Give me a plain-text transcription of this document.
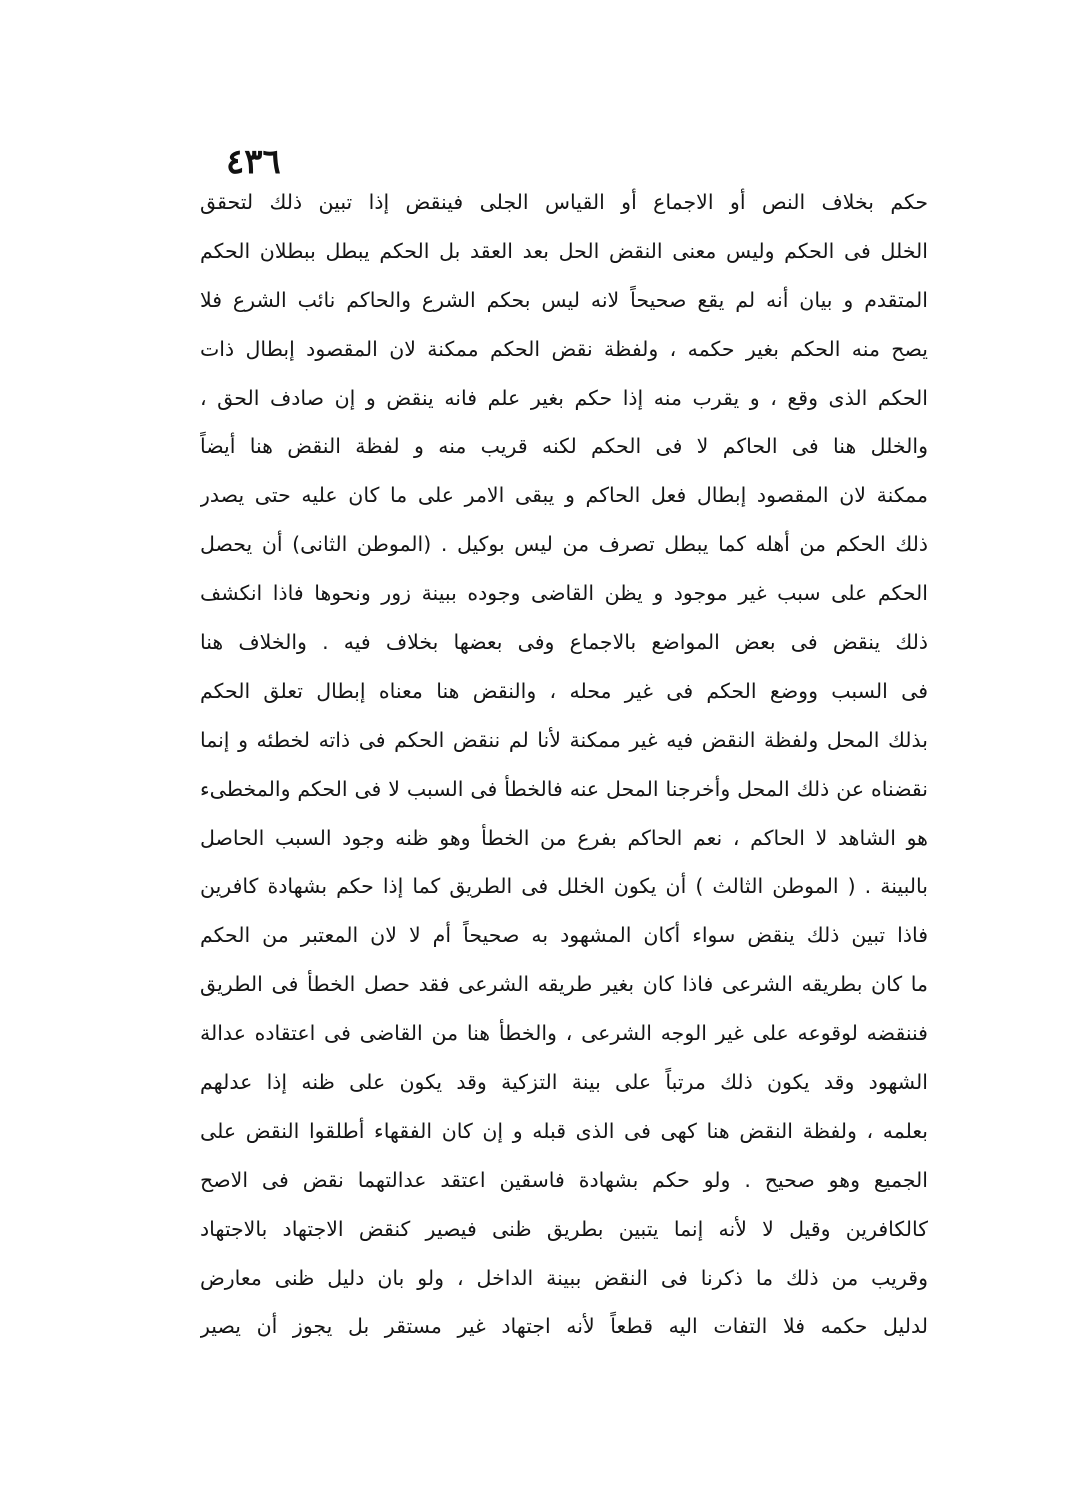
٤٣٦
حكم بخلاف النص أو الاجماع أو القياس الجلى فينقض إذا تبين ذلك لتحقق
الخلل فى الحكم وليس معنى النقض الحل بعد العقد بل الحكم يبطل ببطلان الحكم
المتقدم و بيان أنه لم يقع صحيحاً لانه ليس بحكم الشرع والحاكم نائب الشرع فلا
يصح منه الحكم بغير حكمه ، ولفظة نقض الحكم ممكنة لان المقصود إبطال ذات
الحكم الذى وقع ، و يقرب منه إذا حكم بغير علم فانه ينقض و إن صادف الحق ،
والخلل هنا فى الحاكم لا فى الحكم لكنه قريب منه و لفظة النقض هنا أيضاً
ممكنة لان المقصود إبطال فعل الحاكم و يبقى الامر على ما كان عليه حتى يصدر
ذلك الحكم من أهله كما يبطل تصرف من ليس بوكيل . (الموطن الثانى) أن يحصل
الحكم على سبب غير موجود و يظن القاضى وجوده ببينة زور ونحوها فاذا انكشف
ذلك ينقض فى بعض المواضع بالاجماع وفى بعضها بخلاف فيه . والخلاف هنا
فى السبب ووضع الحكم فى غير محله ، والنقض هنا معناه إبطال تعلق الحكم
بذلك المحل ولفظة النقض فيه غير ممكنة لأنا لم ننقض الحكم فى ذاته لخطئه و إنما
نقضناه عن ذلك المحل وأخرجنا المحل عنه فالخطأ فى السبب لا فى الحكم والمخطىء
هو الشاهد لا الحاكم ، نعم الحاكم بفرع من الخطأ وهو ظنه وجود السبب الحاصل
بالبينة . ( الموطن الثالث ) أن يكون الخلل فى الطريق كما إذا حكم بشهادة كافرين
فاذا تبين ذلك ينقض سواء أكان المشهود به صحيحاً أم لا لان المعتبر من الحكم
ما كان بطريقه الشرعى فاذا كان بغير طريقه الشرعى فقد حصل الخطأ فى الطريق
فننقضه لوقوعه على غير الوجه الشرعى ، والخطأ هنا من القاضى فى اعتقاده عدالة
الشهود وقد يكون ذلك مرتباً على بينة التزكية وقد يكون على ظنه إذا عدلهم
بعلمه ، ولفظة النقض هنا كهى فى الذى قبله و إن كان الفقهاء أطلقوا النقض على
الجميع وهو صحيح . ولو حكم بشهادة فاسقين اعتقد عدالتهما نقض فى الاصح
كالكافرين وقيل لا لأنه إنما يتبين بطريق ظنى فيصير كنقض الاجتهاد بالاجتهاد
وقريب من ذلك ما ذكرنا فى النقض ببينة الداخل ، ولو بان دليل ظنى معارض
لدليل حكمه فلا التفات اليه قطعاً لأنه اجتهاد غير مستقر بل يجوز أن يصير
